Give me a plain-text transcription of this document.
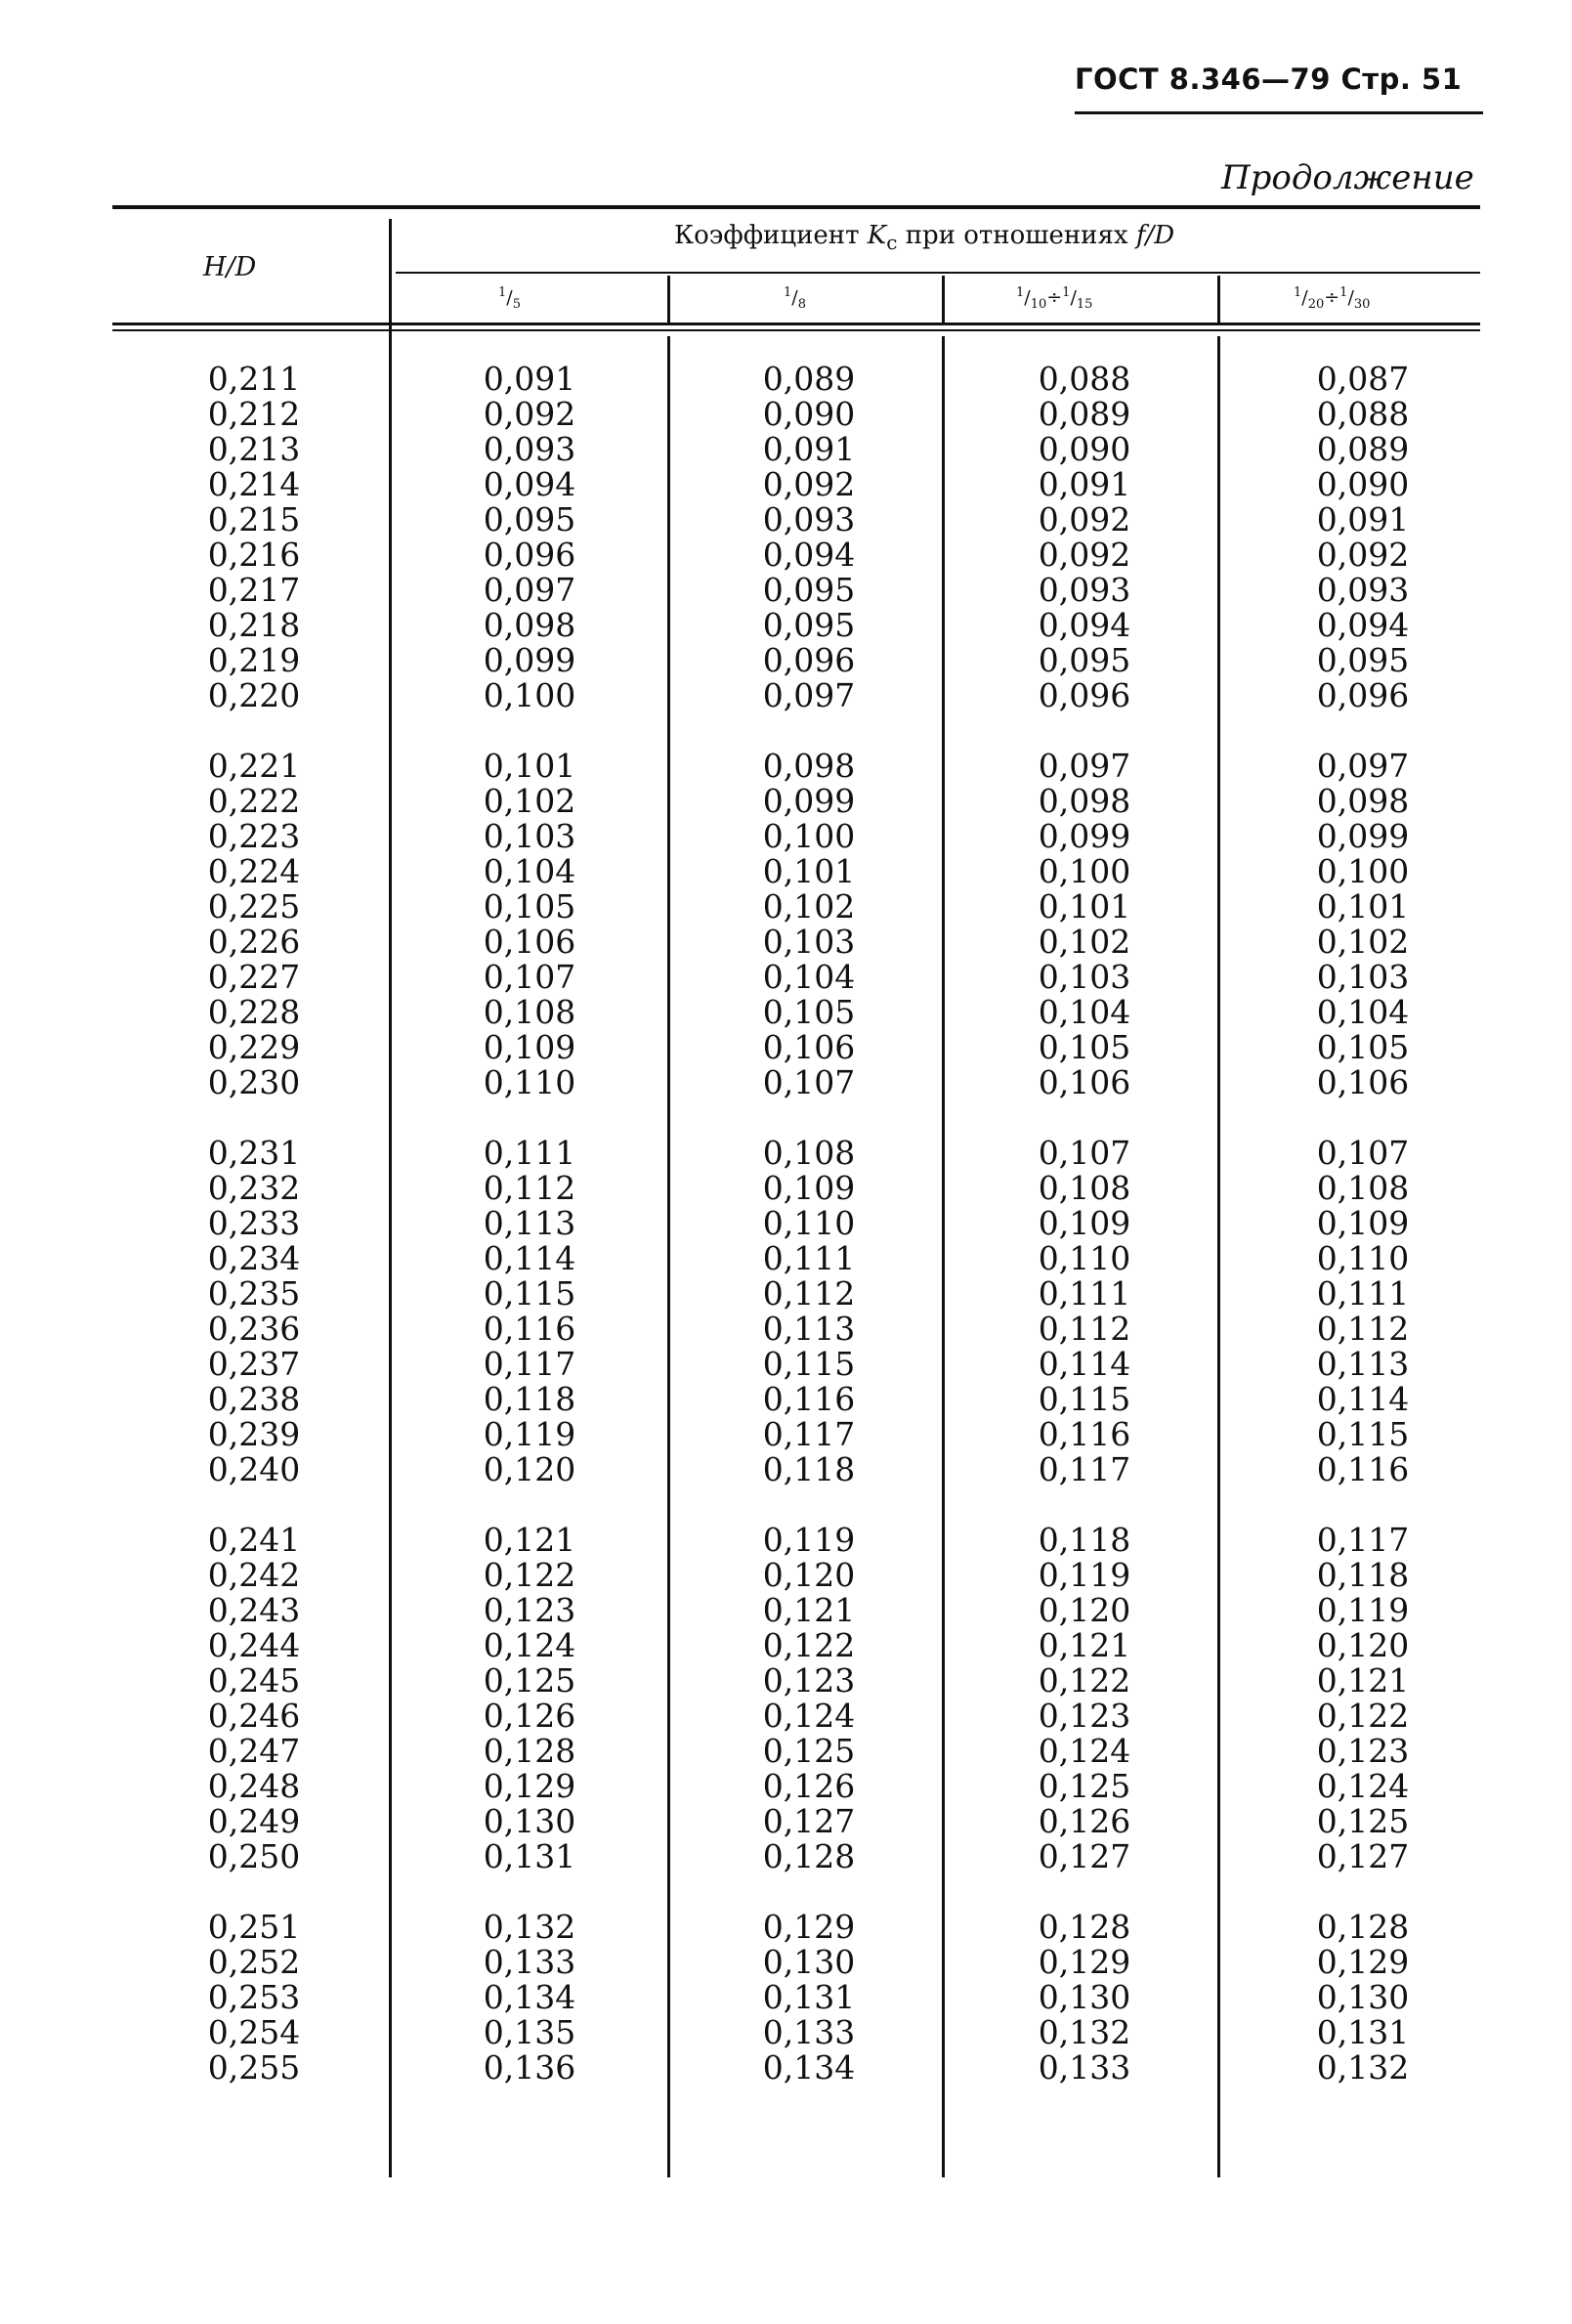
ГОСТ 8.346—79 Стр. 51
Продолжение
H/D
Коэффициент $K_c$ при отношениях f/D
$^1/_5$
$^1/_8$
$^1/_{10}\div^1/_{15}$
$^1/_{20}\div^1/_{30}$
0,211
0,212
0,213
0,214
0,215
0,216
0,217
0,218
0,219
0,220
0,221
0,222
0,223
0,224
0,225
0,226
0,227
0,228
0,229
0,230
0,231
0,232
0,233
0,234
0,235
0,236
0,237
0,238
0,239
0,240
0,241
0,242
0,243
0,244
0,245
0,246
0,247
0,248
0,249
0,250
0,251
0,252
0,253
0,254
0,255
0,091
0,092
0,093
0,094
0,095
0,096
0,097
0,098
0,099
0,100
0,101
0,102
0,103
0,104
0,105
0,106
0,107
0,108
0,109
0,110
0,111
0,112
0,113
0,114
0,115
0,116
0,117
0,118
0,119
0,120
0,121
0,122
0,123
0,124
0,125
0,126
0,128
0,129
0,130
0,131
0,132
0,133
0,134
0,135
0,136
0,089
0,090
0,091
0,092
0,093
0,094
0,095
0,095
0,096
0,097
0,098
0,099
0,100
0,101
0,102
0,103
0,104
0,105
0,106
0,107
0,108
0,109
0,110
0,111
0,112
0,113
0,115
0,116
0,117
0,118
0,119
0,120
0,121
0,122
0,123
0,124
0,125
0,126
0,127
0,128
0,129
0,130
0,131
0,133
0,134
0,088
0,089
0,090
0,091
0,092
0,092
0,093
0,094
0,095
0,096
0,097
0,098
0,099
0,100
0,101
0,102
0,103
0,104
0,105
0,106
0,107
0,108
0,109
0,110
0,111
0,112
0,114
0,115
0,116
0,117
0,118
0,119
0,120
0,121
0,122
0,123
0,124
0,125
0,126
0,127
0,128
0,129
0,130
0,132
0,133
0,087
0,088
0,089
0,090
0,091
0,092
0,093
0,094
0,095
0,096
0,097
0,098
0,099
0,100
0,101
0,102
0,103
0,104
0,105
0,106
0,107
0,108
0,109
0,110
0,111
0,112
0,113
0,114
0,115
0,116
0,117
0,118
0,119
0,120
0,121
0,122
0,123
0,124
0,125
0,127
0,128
0,129
0,130
0,131
0,132
